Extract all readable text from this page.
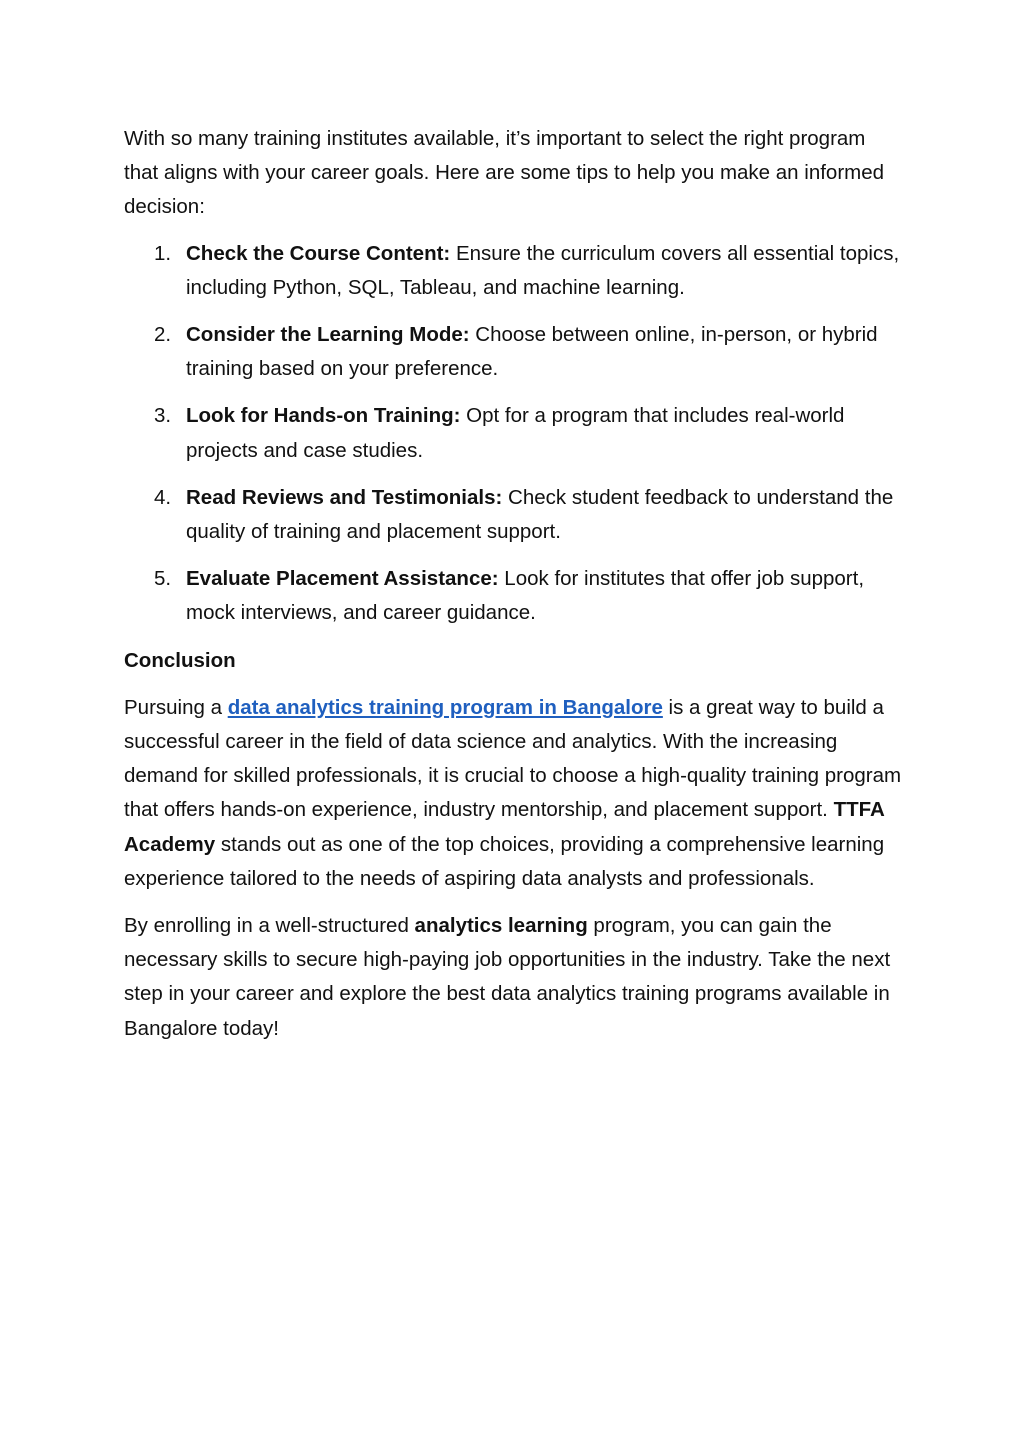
With so many training institutes available, it’s important to select the right program that aligns with your career goals. Here are some tips to help you make an informed decision:

1. Check the Course Content: Ensure the curriculum covers all essential topics, including Python, SQL, Tableau, and machine learning.
2. Consider the Learning Mode: Choose between online, in-person, or hybrid training based on your preference.
3. Look for Hands-on Training: Opt for a program that includes real-world projects and case studies.
4. Read Reviews and Testimonials: Check student feedback to understand the quality of training and placement support.
5. Evaluate Placement Assistance: Look for institutes that offer job support, mock interviews, and career guidance.

Conclusion

Pursuing a data analytics training program in Bangalore is a great way to build a successful career in the field of data science and analytics. With the increasing demand for skilled professionals, it is crucial to choose a high-quality training program that offers hands-on experience, industry mentorship, and placement support. TTFA Academy stands out as one of the top choices, providing a comprehensive learning experience tailored to the needs of aspiring data analysts and professionals.

By enrolling in a well-structured analytics learning program, you can gain the necessary skills to secure high-paying job opportunities in the industry. Take the next step in your career and explore the best data analytics training programs available in Bangalore today!
